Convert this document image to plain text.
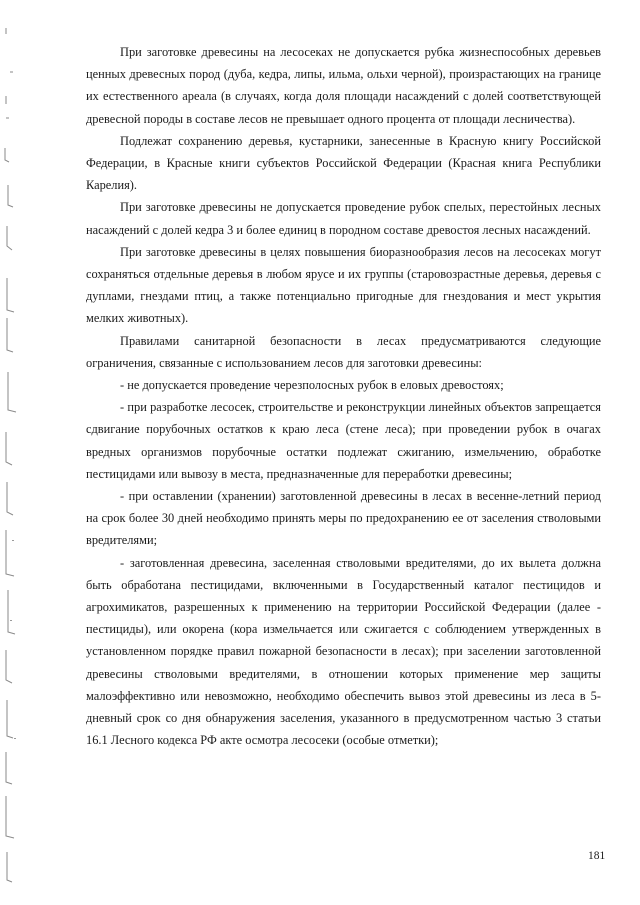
При заготовке древесины на лесосеках не допускается рубка жизнеспособных деревьев ценных древесных пород (дуба, кедра, липы, ильма, ольхи черной), произрастающих на границе их естественного ареала (в случаях, когда доля площади насаждений с долей соответствующей древесной породы в составе лесов не превышает одного процента от площади лесничества).

Подлежат сохранению деревья, кустарники, занесенные в Красную книгу Российской Федерации, в Красные книги субъектов Российской Федерации (Красная книга Республики Карелия).

При заготовке древесины не допускается проведение рубок спелых, перестойных лесных насаждений с долей кедра 3 и более единиц в породном составе древостоя лесных насаждений.

При заготовке древесины в целях повышения биоразнообразия лесов на лесосеках могут сохраняться отдельные деревья в любом ярусе и их группы (старовозрастные деревья, деревья с дуплами, гнездами птиц, а также потенциально пригодные для гнездования и мест укрытия мелких животных).

Правилами санитарной безопасности в лесах предусматриваются следующие ограничения, связанные с использованием лесов для заготовки древесины:

- не допускается проведение черезполосных рубок в еловых древостоях;

- при разработке лесосек, строительстве и реконструкции линейных объектов запрещается сдвигание порубочных остатков к краю леса (стене леса); при проведении рубок в очагах вредных организмов порубочные остатки подлежат сжиганию, измельчению, обработке пестицидами или вывозу в места, предназначенные для переработки древесины;

- при оставлении (хранении) заготовленной древесины в лесах в весенне-летний период на срок более 30 дней необходимо принять меры по предохранению ее от заселения стволовыми вредителями;

- заготовленная древесина, заселенная стволовыми вредителями, до их вылета должна быть обработана пестицидами, включенными в Государственный каталог пестицидов и агрохимикатов, разрешенных к применению на территории Российской Федерации (далее - пестициды), или окорена (кора измельчается или сжигается с соблюдением утвержденных в установленном порядке правил пожарной безопасности в лесах); при заселении заготовленной древесины стволовыми вредителями, в отношении которых применение мер защиты малоэффективно или невозможно, необходимо обеспечить вывоз этой древесины из леса в 5-дневный срок со дня обнаружения заселения, указанного в предусмотренном частью 3 статьи 16.1 Лесного кодекса РФ акте осмотра лесосеки (особые отметки);

181
